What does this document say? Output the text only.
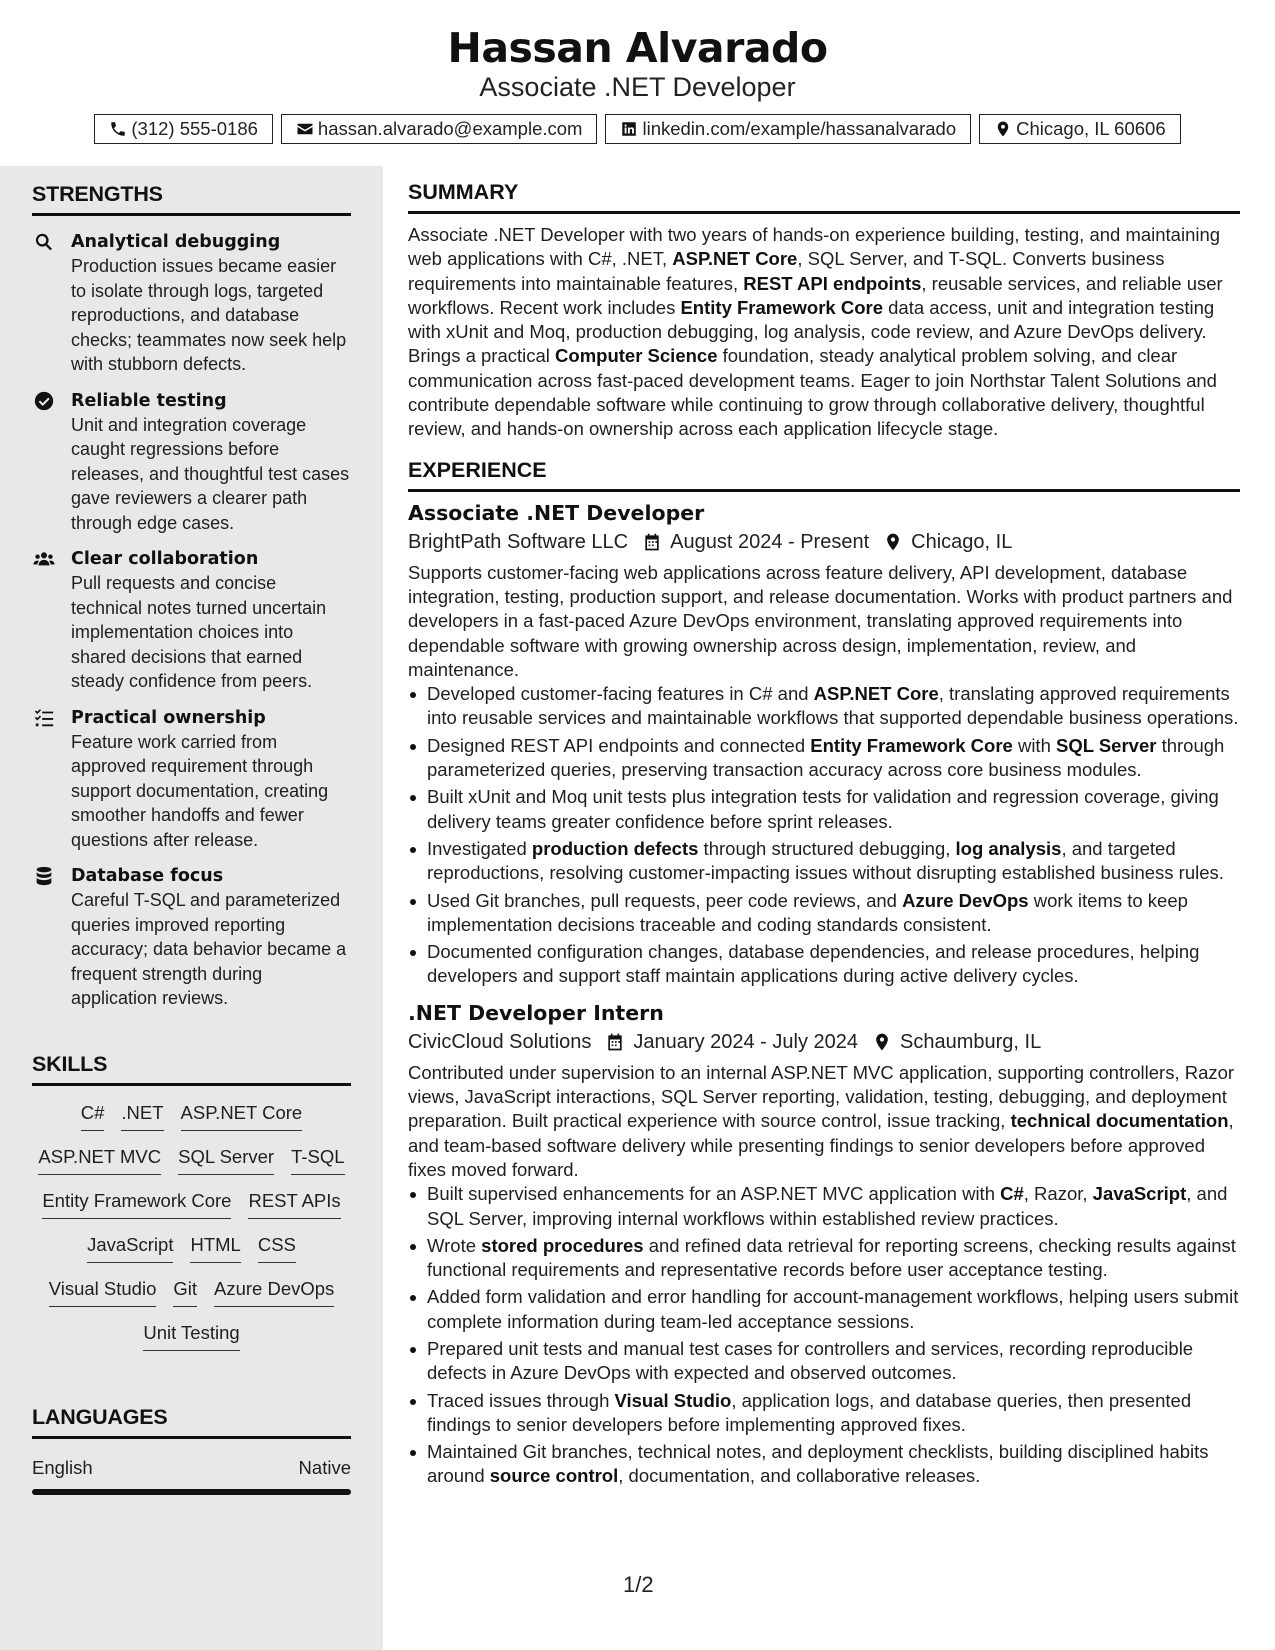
Hassan Alvarado
Associate .NET Developer
(312) 555-0186	hassan.alvarado@example.com	linkedin.com/example/hassanalvarado	Chicago, IL 60606
STRENGTHS
Analytical debugging
Production issues became easier to isolate through logs, targeted reproductions, and database checks; teammates now seek help with stubborn defects.
Reliable testing
Unit and integration coverage caught regressions before releases, and thoughtful test cases gave reviewers a clearer path through edge cases.
Clear collaboration
Pull requests and concise technical notes turned uncertain implementation choices into shared decisions that earned steady confidence from peers.
Practical ownership
Feature work carried from approved requirement through support documentation, creating smoother handoffs and fewer questions after release.
Database focus
Careful T-SQL and parameterized queries improved reporting accuracy; data behavior became a frequent strength during application reviews.
SKILLS
C# .NET ASP.NET Core
ASP.NET MVC SQL Server T-SQL
Entity Framework Core REST APIs
JavaScript HTML CSS
Visual Studio Git Azure DevOps
Unit Testing
LANGUAGES
English	Native
SUMMARY
Associate .NET Developer with two years of hands-on experience building, testing, and maintaining web applications with C#, .NET, ASP.NET Core, SQL Server, and T-SQL. Converts business requirements into maintainable features, REST API endpoints, reusable services, and reliable user workflows. Recent work includes Entity Framework Core data access, unit and integration testing with xUnit and Moq, production debugging, log analysis, code review, and Azure DevOps delivery. Brings a practical Computer Science foundation, steady analytical problem solving, and clear communication across fast-paced development teams. Eager to join Northstar Talent Solutions and contribute dependable software while continuing to grow through collaborative delivery, thoughtful review, and hands-on ownership across each application lifecycle stage.
EXPERIENCE
Associate .NET Developer
BrightPath Software LLC August 2024 - Present Chicago, IL
Supports customer-facing web applications across feature delivery, API development, database integration, testing, production support, and release documentation. Works with product partners and developers in a fast-paced Azure DevOps environment, translating approved requirements into dependable software with growing ownership across design, implementation, review, and maintenance.
Developed customer-facing features in C# and ASP.NET Core, translating approved requirements into reusable services and maintainable workflows that supported dependable business operations.
Designed REST API endpoints and connected Entity Framework Core with SQL Server through parameterized queries, preserving transaction accuracy across core business modules.
Built xUnit and Moq unit tests plus integration tests for validation and regression coverage, giving delivery teams greater confidence before sprint releases.
Investigated production defects through structured debugging, log analysis, and targeted reproductions, resolving customer-impacting issues without disrupting established business rules.
Used Git branches, pull requests, peer code reviews, and Azure DevOps work items to keep implementation decisions traceable and coding standards consistent.
Documented configuration changes, database dependencies, and release procedures, helping developers and support staff maintain applications during active delivery cycles.
.NET Developer Intern
CivicCloud Solutions January 2024 - July 2024 Schaumburg, IL
Contributed under supervision to an internal ASP.NET MVC application, supporting controllers, Razor views, JavaScript interactions, SQL Server reporting, validation, testing, debugging, and deployment preparation. Built practical experience with source control, issue tracking, technical documentation, and team-based software delivery while presenting findings to senior developers before approved fixes moved forward.
Built supervised enhancements for an ASP.NET MVC application with C#, Razor, JavaScript, and SQL Server, improving internal workflows within established review practices.
Wrote stored procedures and refined data retrieval for reporting screens, checking results against functional requirements and representative records before user acceptance testing.
Added form validation and error handling for account-management workflows, helping users submit complete information during team-led acceptance sessions.
Prepared unit tests and manual test cases for controllers and services, recording reproducible defects in Azure DevOps with expected and observed outcomes.
Traced issues through Visual Studio, application logs, and database queries, then presented findings to senior developers before implementing approved fixes.
Maintained Git branches, technical notes, and deployment checklists, building disciplined habits around source control, documentation, and collaborative releases.
1/2
